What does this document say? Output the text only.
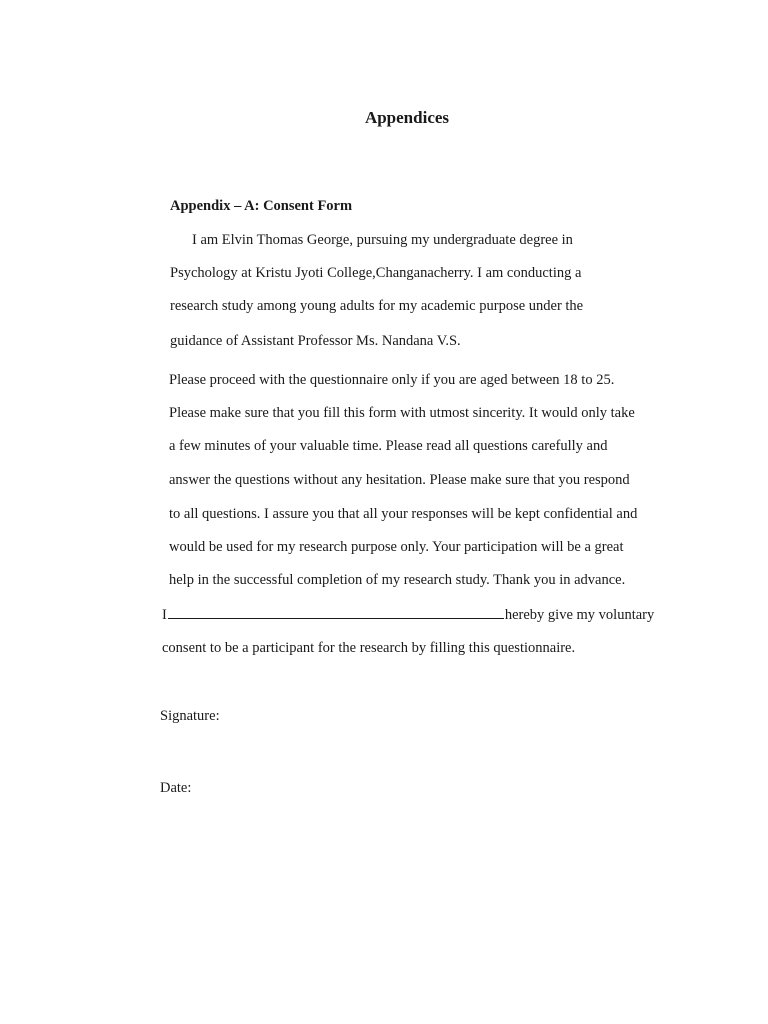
Appendices

Appendix – A: Consent Form

I am Elvin Thomas George, pursuing my undergraduate degree in

Psychology at Kristu Jyoti College,Changanacherry. I am conducting a

research study among young adults for my academic purpose under the

guidance of Assistant Professor Ms. Nandana V.S.

Please proceed with the questionnaire only if you are aged between 18 to 25.

Please make sure that you fill this form with utmost sincerity. It would only take

a few minutes of your valuable time. Please read all questions carefully and

answer the questions without any hesitation. Please make sure that you respond

to all questions. I assure you that all your responses will be kept confidential and

would be used for my research purpose only. Your participation will be a great

help in the successful completion of my research study. Thank you in advance.

I	hereby give my voluntary

consent to be a participant for the research by filling this questionnaire.

Signature:

Date:
